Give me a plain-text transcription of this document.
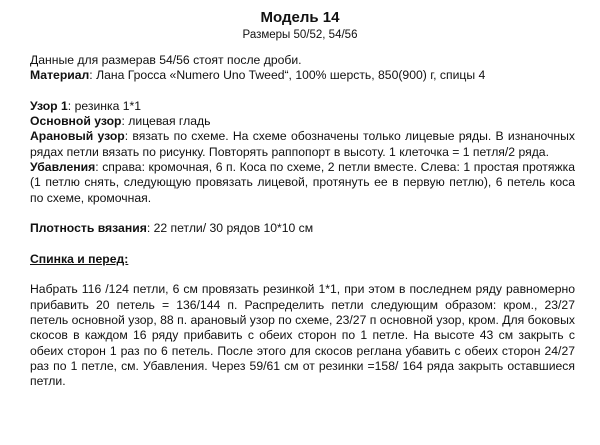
Модель 14
Размеры 50/52, 54/56

Данные для размерав 54/56 стоят после дроби.

Материал: Лана Гросса «Numero Uno Tweed“, 100% шерсть, 850(900) г, спицы 4

Узор 1: резинка 1*1

Основной узор: лицевая гладь

Арановый узор: вязать по схеме. На схеме обозначены только лицевые ряды. В изнаночных рядах петли вязать по рисунку. Повторять раппопорт в высоту. 1 клеточка = 1 петля/2 ряда.

Убавления: справа: кромочная, 6 п. Коса по схеме, 2 петли вместе. Слева: 1 простая протяжка (1 петлю снять, следующую провязать лицевой, протянуть ее в первую петлю), 6 петель коса по схеме, кромочная.

Плотность вязания: 22 петли/ 30 рядов 10*10 см

Спинка и перед:

Набрать 116 /124 петли, 6 см провязать резинкой 1*1, при этом в последнем ряду равномерно прибавить 20 петель = 136/144 п. Распределить петли следующим образом: кром., 23/27 петель основной узор, 88 п. арановый узор по схеме, 23/27 п основной узор, кром. Для боковых скосов в каждом 16 ряду прибавить с обеих сторон по 1 петле. На высоте 43 см закрыть с обеих сторон 1 раз по 6 петель. После этого для скосов реглана убавить с обеих сторон 24/27 раз по 1 петле, см. Убавления. Через 59/61 см от резинки =158/ 164 ряда закрыть оставшиеся петли.
